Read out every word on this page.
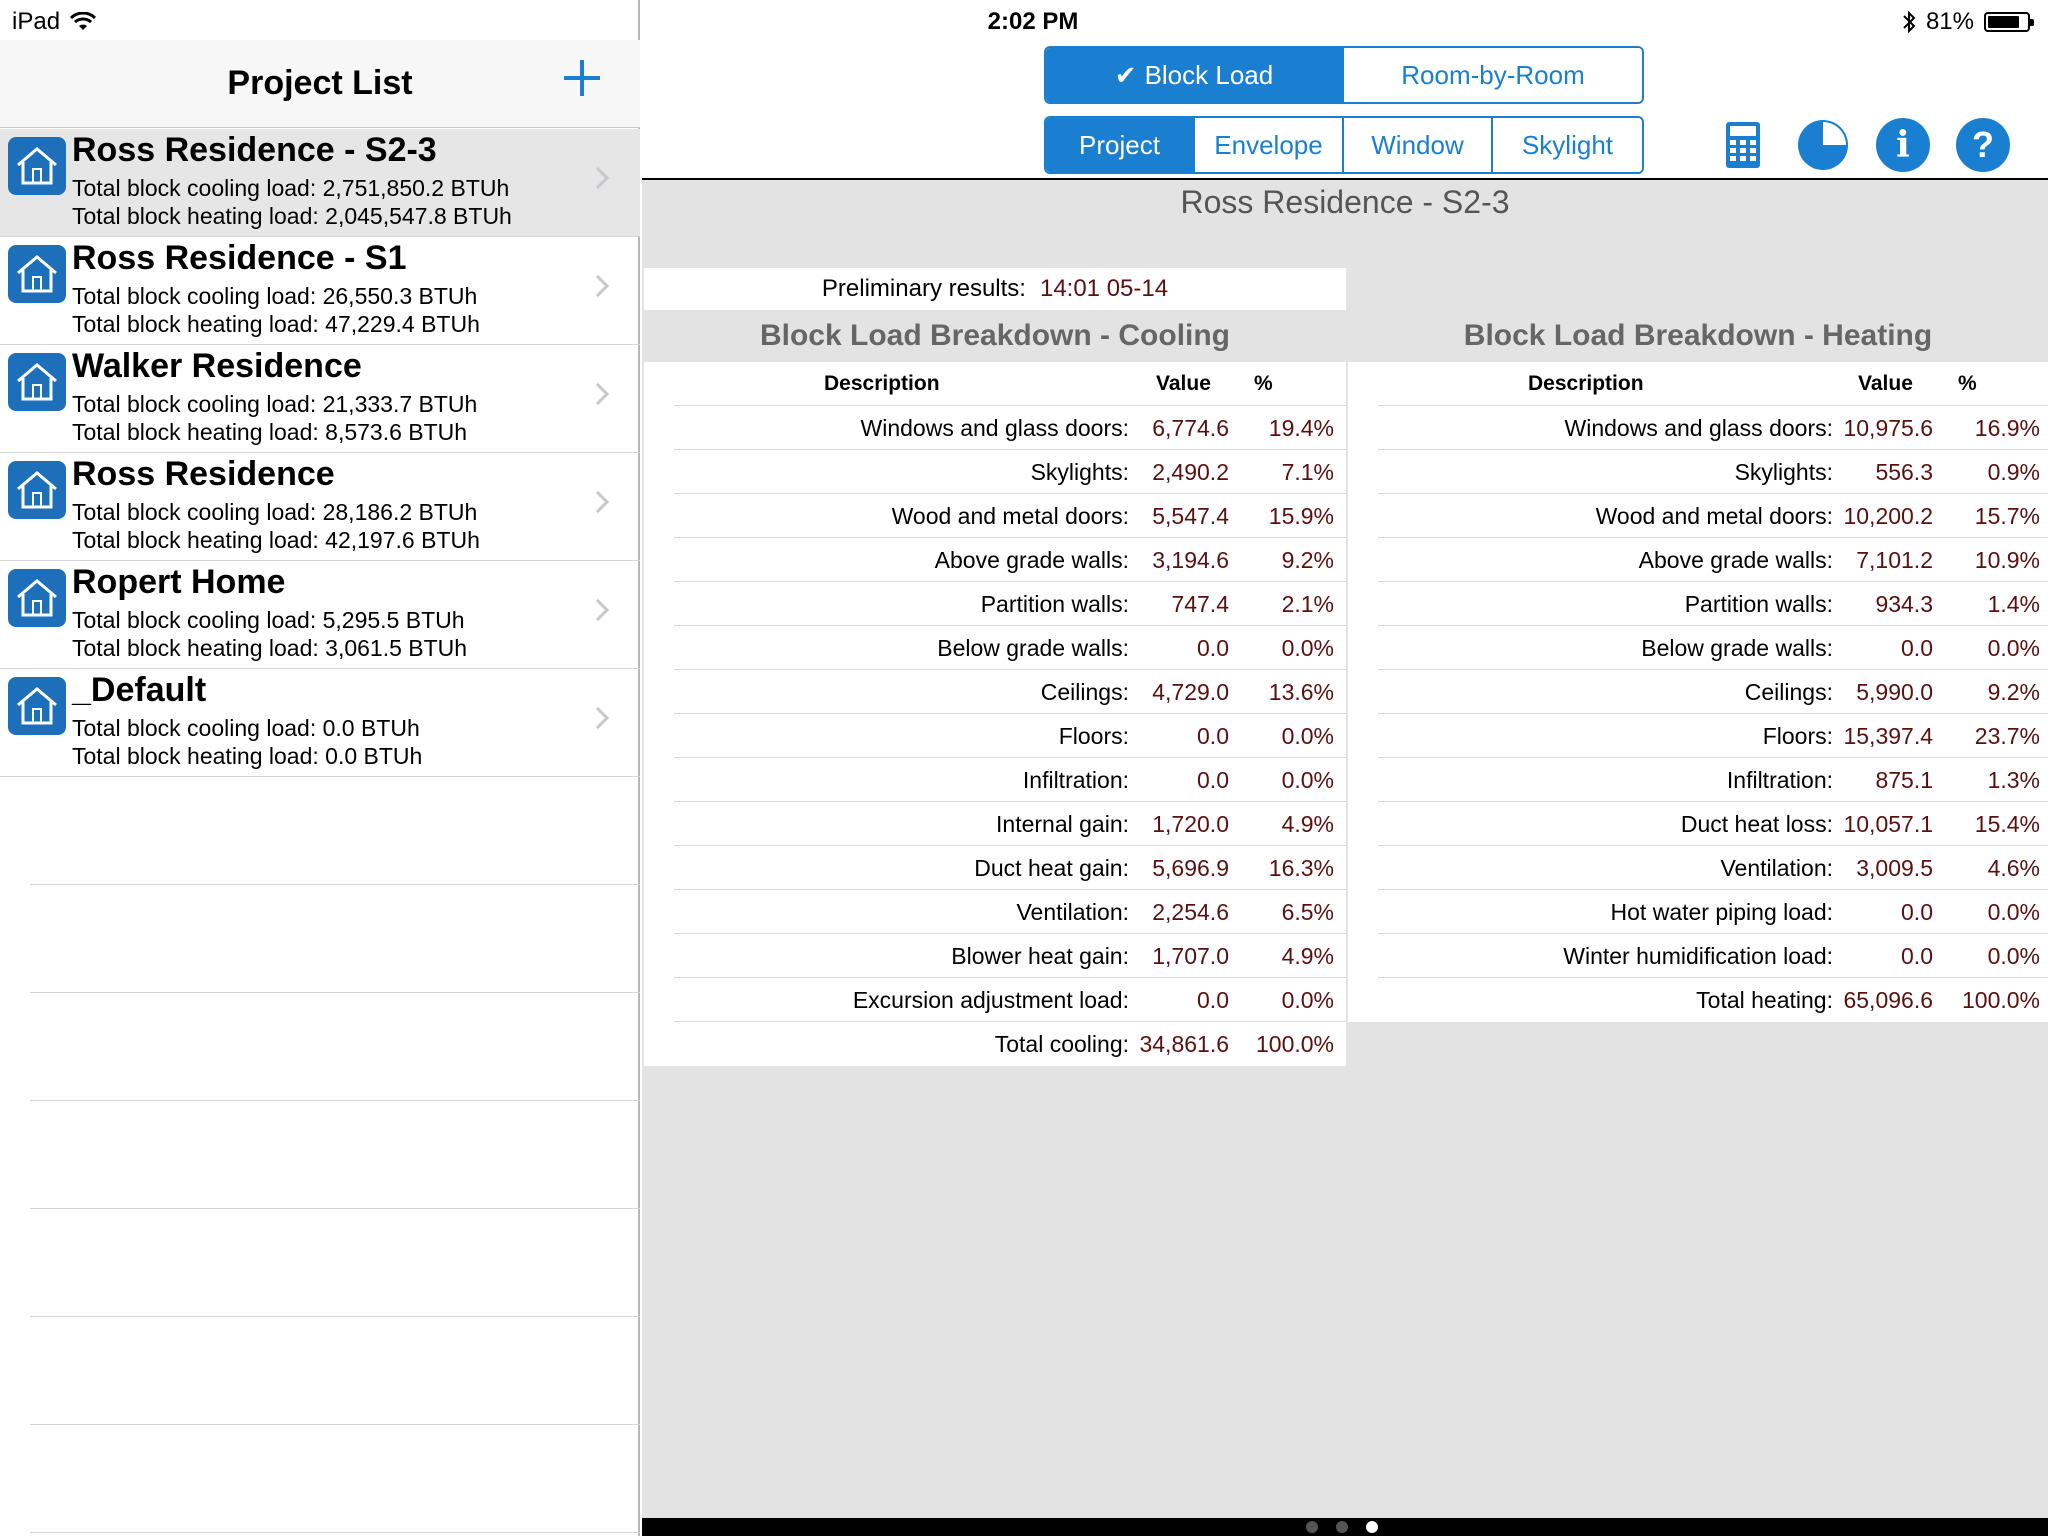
Project List
Ross Residence - S2-3
Total block cooling load: 2,751,850.2 BTUh
Total block heating load: 2,045,547.8 BTUh
Ross Residence - S1
Total block cooling load: 26,550.3 BTUh
Total block heating load: 47,229.4 BTUh
Walker Residence
Total block cooling load: 21,333.7 BTUh
Total block heating load: 8,573.6 BTUh
Ross Residence
Total block cooling load: 28,186.2 BTUh
Total block heating load: 42,197.6 BTUh
Ropert Home
Total block cooling load: 5,295.5 BTUh
Total block heating load: 3,061.5 BTUh
_Default
Total block cooling load: 0.0 BTUh
Total block heating load: 0.0 BTUh
iPad	2:02 PM	81%
✔ Block Load	Room-by-Room
Project Envelope Window Skylight	i	?
Ross Residence - S2-3
Preliminary results: 14:01 05-14
Block Load Breakdown - Cooling
Description	Value %
Windows and glass doors:	6,774.6	19.4%
Skylights:	2,490.2	7.1%
Wood and metal doors:	5,547.4	15.9%
Above grade walls:	3,194.6	9.2%
Partition walls:	747.4	2.1%
Below grade walls:	0.0	0.0%
Ceilings:	4,729.0	13.6%
Floors:	0.0	0.0%
Infiltration:	0.0	0.0%
Internal gain:	1,720.0	4.9%
Duct heat gain:	5,696.9	16.3%
Ventilation:	2,254.6	6.5%
Blower heat gain:	1,707.0	4.9%
Excursion adjustment load:	0.0	0.0%
Total cooling: 34,861.6	100.0%
Block Load Breakdown - Heating
Description	Value %
Windows and glass doors: 10,975.6	16.9%
Skylights:	556.3	0.9%
Wood and metal doors: 10,200.2	15.7%
Above grade walls:	7,101.2	10.9%
Partition walls:	934.3	1.4%
Below grade walls:	0.0	0.0%
Ceilings:	5,990.0	9.2%
Floors: 15,397.4	23.7%
Infiltration:	875.1	1.3%
Duct heat loss: 10,057.1	15.4%
Ventilation:	3,009.5	4.6%
Hot water piping load:	0.0	0.0%
Winter humidification load:	0.0	0.0%
Total heating: 65,096.6	100.0%
